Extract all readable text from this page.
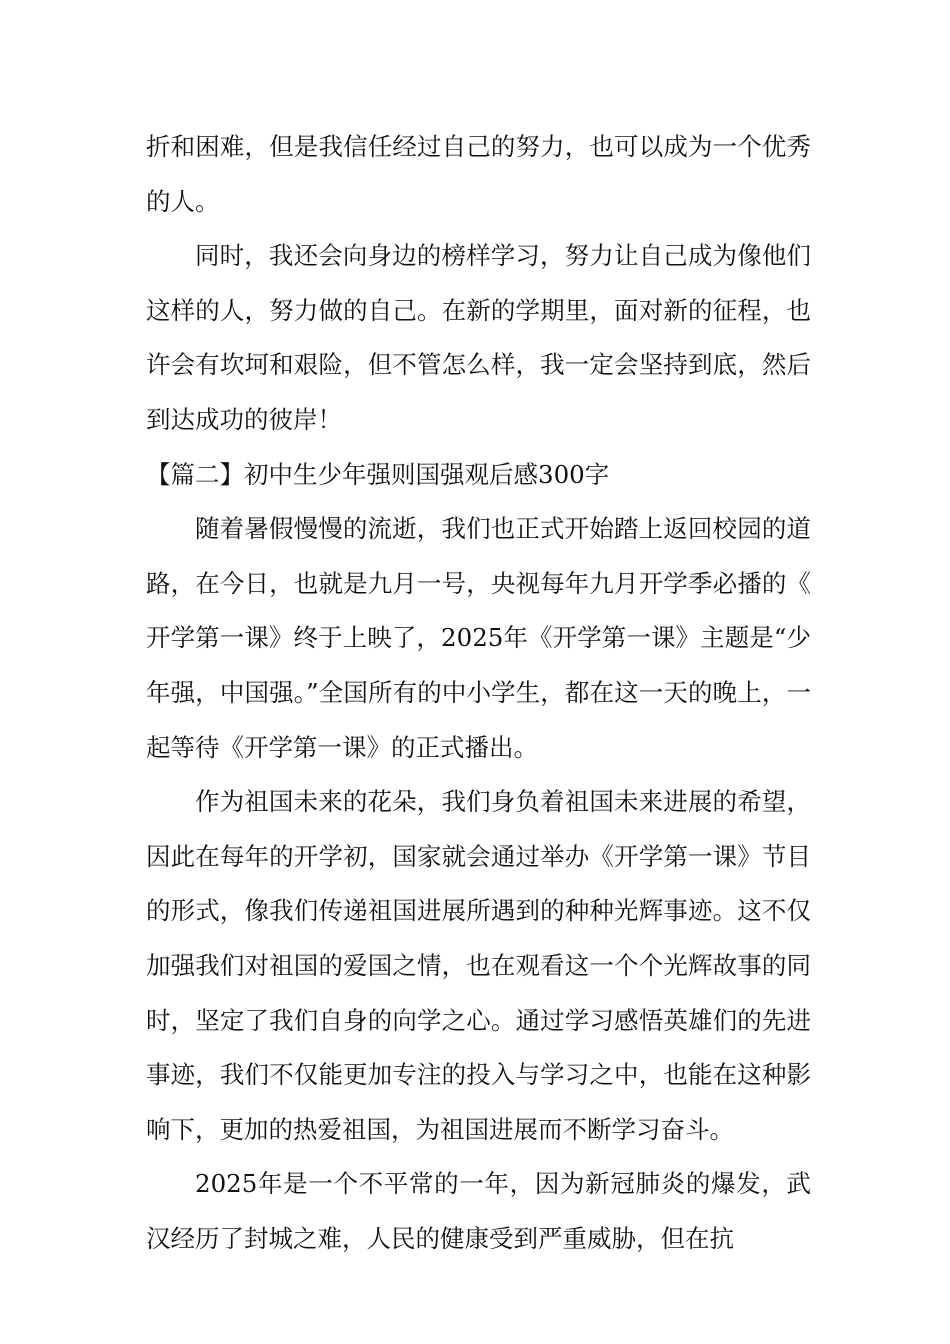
折和困难，但是我信任经过自己的努力，也可以成为一个优秀的人。

同时，我还会向身边的榜样学习，努力让自己成为像他们这样的人，努力做的自己。在新的学期里，面对新的征程，也许会有坎坷和艰险，但不管怎么样，我一定会坚持到底，然后到达成功的彼岸！

【篇二】初中生少年强则国强观后感300字

随着暑假慢慢的流逝，我们也正式开始踏上返回校园的道路，在今日，也就是九月一号，央视每年九月开学季必播的《开学第一课》终于上映了，2025年《开学第一课》主题是“少年强，中国强。”全国所有的中小学生，都在这一天的晚上，一起等待《开学第一课》的正式播出。

作为祖国未来的花朵，我们身负着祖国未来进展的希望，因此在每年的开学初，国家就会通过举办《开学第一课》节目的形式，像我们传递祖国进展所遇到的种种光辉事迹。这不仅加强我们对祖国的爱国之情，也在观看这一个个光辉故事的同时，坚定了我们自身的向学之心。通过学习感悟英雄们的先进事迹，我们不仅能更加专注的投入与学习之中，也能在这种影响下，更加的热爱祖国，为祖国进展而不断学习奋斗。

2025年是一个不平常的一年，因为新冠肺炎的爆发，武汉经历了封城之难，人民的健康受到严重威胁，但在抗
